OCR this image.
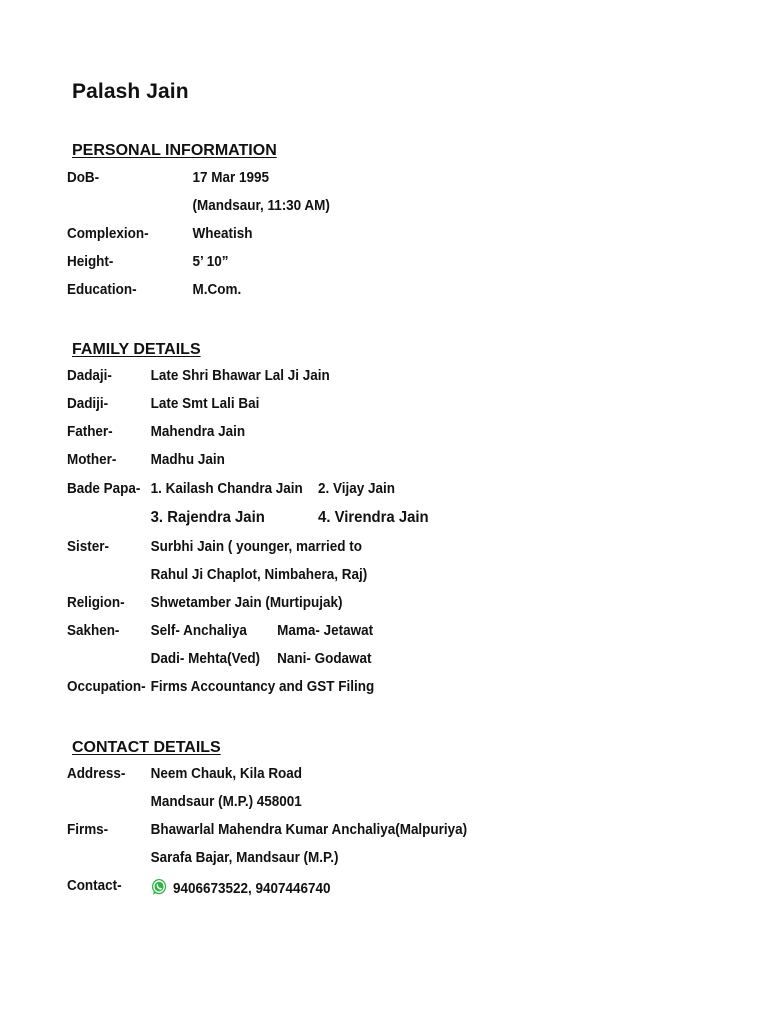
Palash Jain
PERSONAL INFORMATION
DoB-	17 Mar 1995
(Mandsaur, 11:30 AM)
Complexion-	Wheatish
Height-	5’ 10”
Education-	M.Com.
FAMILY DETAILS
Dadaji-	Late Shri Bhawar Lal Ji Jain
Dadiji-	Late Smt Lali Bai
Father-	Mahendra Jain
Mother- Madhu Jain
Bade Papa- 1. Kailash Chandra Jain 2. Vijay Jain
3. Rajendra Jain	4. Virendra Jain
Sister-	Surbhi Jain ( younger, married to
Rahul Ji Chaplot, Nimbahera, Raj)
Religion- Shwetamber Jain (Murtipujak)
Sakhen- Self- Anchaliya Mama- Jetawat
Dadi- Mehta(Ved) Nani- Godawat
Occupation- Firms Accountancy and GST Filing
CONTACT DETAILS
Address- Neem Chauk, Kila Road
Mandsaur (M.P.) 458001
Firms-	Bhawarlal Mahendra Kumar Anchaliya(Malpuriya)
Sarafa Bajar, Mandsaur (M.P.)
Contact-	9406673522, 9407446740
